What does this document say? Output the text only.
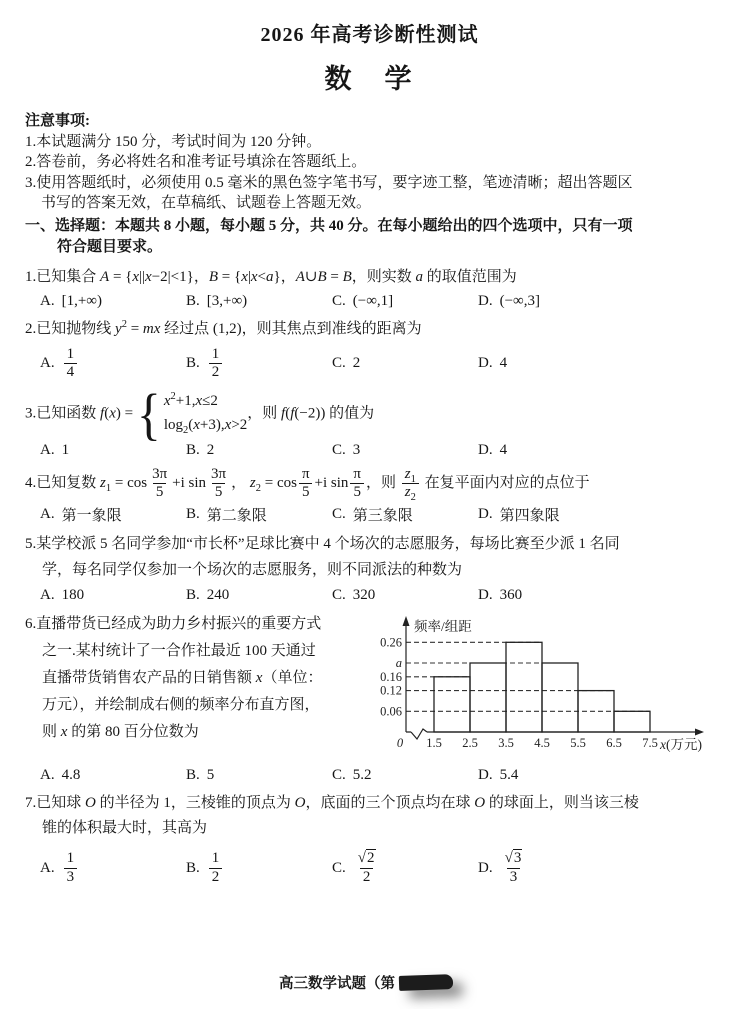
2026 年高考诊断性测试
数　学
注意事项:
1.本试题满分 150 分，考试时间为 120 分钟。
2.答卷前，务必将姓名和准考证号填涂在答题纸上。
3.使用答题纸时，必须使用 0.5 毫米的黑色签字笔书写，要字迹工整，笔迹清晰；超出答题区
书写的答案无效，在草稿纸、试题卷上答题无效。
一、选择题：本题共 8 小题，每小题 5 分，共 40 分。在每小题给出的四个选项中，只有一项
符合题目要求。
1.已知集合 A = {x||x−2|<1}，B = {x|x<a}，A∪B = B，则实数 a 的取值范围为
A. [1,+∞)	B. [3,+∞)	C. (−∞,1]	D. (−∞,3]
2.已知抛物线 $y^2$ = mx 经过点 (1,2)，则其焦点到准线的距离为
A. $\frac{1}{4}$	B. $\frac{1}{2}$	C. 2	D. 4
3.已知函数 f(x) = { $x^2+1,x\le 2$
$\log_2(x+3),x>2$
，则 f(f(−2)) 的值为
A. 1	B. 2	C. 3	D. 4
4.已知复数 $z_1 = \cos \frac{3\pi}{5} +i$ $\sin \frac{3\pi}{5}$ ， $z_2 = \cos \frac{\pi}{5} +i$ $\sin \frac{\pi}{5}$ ，则 $\frac{z_1}{z_2}$ 在复平面内对应的点位于
A. 第一象限	B. 第二象限	C. 第三象限	D. 第四象限
5.某学校派 5 名同学参加“市长杯”足球比赛中 4 个场次的志愿服务，每场比赛至少派 1 名同
学，每名同学仅参加一个场次的志愿服务，则不同派法的种数为
A. 180	B. 240	C. 320	D. 360
6.直播带货已经成为助力乡村振兴的重要方式
之一.某村统计了一合作社最近 100 天通过
直播带货销售农产品的日销售额 x（单位：
万元），并绘制成右侧的频率分布直方图，
则 x 的第 80 百分位数为
0.06
0.12
0.16
a
0.26
频率/组距
1.5 2.5 3.5 4.5 5.5 6.5 7.5
0	x(万元)
A. 4.8	B. 5	C. 5.2	D. 5.4
7.已知球 O 的半径为 1，三棱锥的顶点为 O，底面的三个顶点均在球 O 的球面上，则当该三棱
锥的体积最大时，其高为
A. $\frac{1}{3}$	B. $\frac{1}{2}$	C. $\frac{√2}{2}$	D. $\frac{√3}{3}$
高三数学试题（第
